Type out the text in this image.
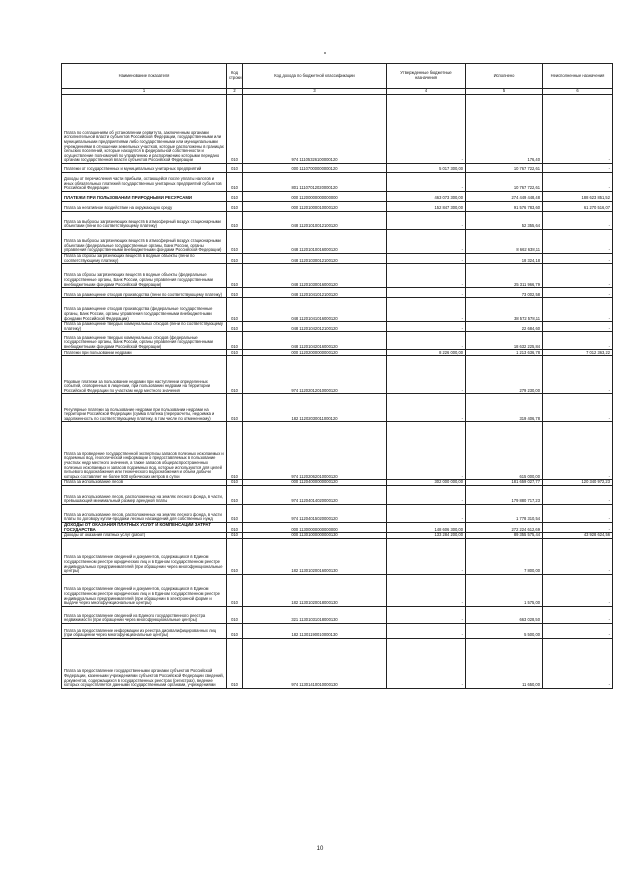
Наименование показателя	Код строки	Код дохода по бюджетной классификации	Утвержденные бюджетные назначения	Исполнено	Неисполненные назначения
1	2	3	4	5	6
Плата по соглашениям об установлении сервитута, заключенным органами исполнительной власти субъектов Российской Федерации, государственными или муниципальными предприятиями либо государственными или муниципальными учреждениями в отношении земельных участков, которые расположены в границах сельских поселений, которые находятся в федеральной собственности и осуществление полномочий по управлению и распоряжению которыми передано органам государственной власти субъектов Российской Федерации	010	974 11105326100000120	-	176,40	-
Платежи от государственных и муниципальных унитарных предприятий	010	000 11107000000000120	5 017 300,00	10 767 722,61	-
Доходы от перечисления части прибыли, остающейся после уплаты налогов и иных обязательных платежей государственных унитарных предприятий субъектов Российской Федерации	010	801 11107012020000120	-	10 767 722,61	-
ПЛАТЕЖИ ПРИ ПОЛЬЗОВАНИИ ПРИРОДНЫМИ РЕСУРСАМИ	010	000 11200000000000000	463 073 300,00	274 449 448,48	188 623 851,52
Плата за негативное воздействие на окружающую среду	010	000 11201000010000120	152 847 300,00	91 576 783,60	61 270 516,07
Плата за выбросы загрязняющих веществ в атмосферный воздух стационарными объектами (пени по соответствующему платежу)	010	048 11201010012100120	-	52 355,64	-
Плата за выбросы загрязняющих веществ в атмосферный воздух стационарными объектами (федеральные государственные органы, Банк России, органы управления государственными внебюджетными фондами Российской Федерации)	010	048 11201010016000120	-	8 662 638,11	-
Плата за сбросы загрязняющих веществ в водные объекты (пени по соответствующему платежу)	010	048 11201030012100120	-	18 324,18	-
Плата за сбросы загрязняющих веществ в водные объекты (федеральные государственные органы, Банк России, органы управления государственными внебюджетными фондами Российской Федерации)	010	048 11201030016000120	-	25 311 966,79	-
Плата за размещение отходов производства (пени по соответствующему платежу)	010	048 11201041012100120	-	73 002,58	-
Плата за размещение отходов производства (федеральные государственные органы, Банк России, органы управления государственными внебюджетными фондами Российской Федерации)	010	048 11201041016000120	-	38 572 578,11	-
Плата за размещение твердых коммунальных отходов (пени по соответствующему платежу)	010	048 11201042012100120	-	22 684,60	-
Плата за размещение твердых коммунальных отходов (федеральные государственные органы, Банк России, органы управления государственными внебюджетными фондами Российской Федерации)	010	048 11201042016000120	-	18 632 225,84	-
Платежи при пользовании недрами	010	000 11202000000000120	8 226 000,00	1 213 636,78	7 012 363,22
Разовые платежи за пользование недрами при наступлении определенных событий, оговоренных в лицензии, при пользовании недрами на территории Российской Федерации по участкам недр местного значения	010	974 11202012010000120	-	279 230,00	-
Регулярные платежи за пользование недрами при пользовании недрами на территории Российской Федерации (сумма платежа (перерасчеты, недоимка и задолженность по соответствующему платежу, в том числе по отмененному)	010	182 11202030011000120	-	319 406,78	-
Плата за проведение государственной экспертизы запасов полезных ископаемых и подземных вод, геологической информации о предоставляемых в пользование участках недр местного значения, а также запасов общераспространенных полезных ископаемых и запасов подземных вод, которые используются для целей питьевого водоснабжения или технического водоснабжения и объем добычи которых составляет не более 500 кубических метров в сутки	010	974 11202062010000120	-	615 000,00	-
Плата за использование лесов	010	000 11204000000000120	302 000 000,00	181 659 027,77	120 340 972,23
Плата за использование лесов, расположенных на землях лесного фонда, в части, превышающей минимальный размер арендной платы	010	974 11204014020000120	-	179 880 717,23	-
Плата за использование лесов, расположенных на землях лесного фонда, в части платы по договору купли-продажи лесных насаждений для собственных нужд	010	974 11204015020000120	-	1 778 310,54	-
ДОХОДЫ ОТ ОКАЗАНИЯ ПЛАТНЫХ УСЛУГ И КОМПЕНСАЦИИ ЗАТРАТ ГОСУДАРСТВА	010	000 11300000000000000	148 606 300,00	272 224 612,69	-
Доходы от оказания платных услуг (работ)	010	000 11301000000000130	133 284 200,00	89 355 575,44	43 928 624,56
Плата за предоставление сведений и документов, содержащихся в Едином государственном реестре юридических лиц и в Едином государственном реестре индивидуальных предпринимателей (при обращении через многофункциональные центры)	010	182 11301020016000130	-	7 800,00	-
Плата за предоставление сведений и документов, содержащихся в Едином государственном реестре юридических лиц и в Едином государственном реестре индивидуальных предпринимателей (при обращении в электронной форме и выдаче через многофункциональные центры)	010	182 11301020018000130	-	1 575,00	-
Плата за предоставление сведений из Единого государственного реестра недвижимости (при обращении через многофункциональные центры)	010	321 11301031018000130	-	663 028,50	-
Плата за предоставление информации из реестра дисквалифицированных лиц (при обращении через многофункциональные центры)	010	182 11301190010000130	-	5 500,00	-
Плата за предоставление государственными органами субъектов Российской Федерации, казенными учреждениями субъектов Российской Федерации сведений, документов, содержащихся в государственных реестрах (регистрах), ведение которых осуществляется данными государственными органами, учреждениями	010	974 11301410010000130	-	11 650,00	-
10
